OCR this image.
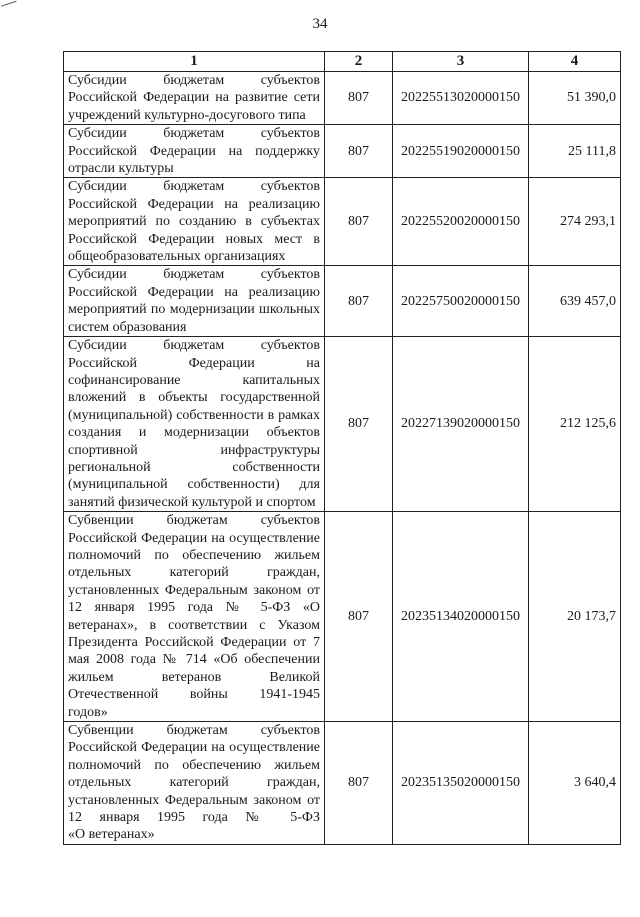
34
1	2	3	4
Субсидии бюджетам субъектов Российской Федерации на развитие сети
учреждений культурно-досугового типа	807	20225513020000150	51 390,0
Субсидии бюджетам субъектов Российской Федерации на поддержку
отрасли культуры	807	20225519020000150	25 111,8
Субсидии бюджетам субъектов Российской Федерации на реализацию мероприятий по созданию в субъектах Российской Федерации новых мест в
общеобразовательных организациях	807	20225520020000150	274 293,1
Субсидии бюджетам субъектов Российской Федерации на реализацию мероприятий по модернизации школьных
систем образования	807	20225750020000150	639 457,0
Субсидии бюджетам субъектов Российской Федерации на софинансирование капитальных вложений в объекты государственной (муниципальной) собственности в рамках создания и модернизации объектов спортивной инфраструктуры региональной собственности (муниципальной собственности) для
занятий физической культурой и спортом	807	20227139020000150	212 125,6
Субвенции бюджетам субъектов Российской Федерации на осуществление полномочий по обеспечению жильем отдельных категорий граждан, установленных Федеральным законом от 12 января 1995 года № 5-ФЗ «О ветеранах», в соответствии с Указом Президента Российской Федерации от 7 мая 2008 года № 714 «Об обеспечении жильем ветеранов Великой Отечественной войны 1941-1945
годов»	807	20235134020000150	20 173,7
Субвенции бюджетам субъектов Российской Федерации на осуществление полномочий по обеспечению жильем отдельных категорий граждан, установленных Федеральным законом от 12 января 1995 года № 5-ФЗ
«О ветеранах»	807	20235135020000150	3 640,4
